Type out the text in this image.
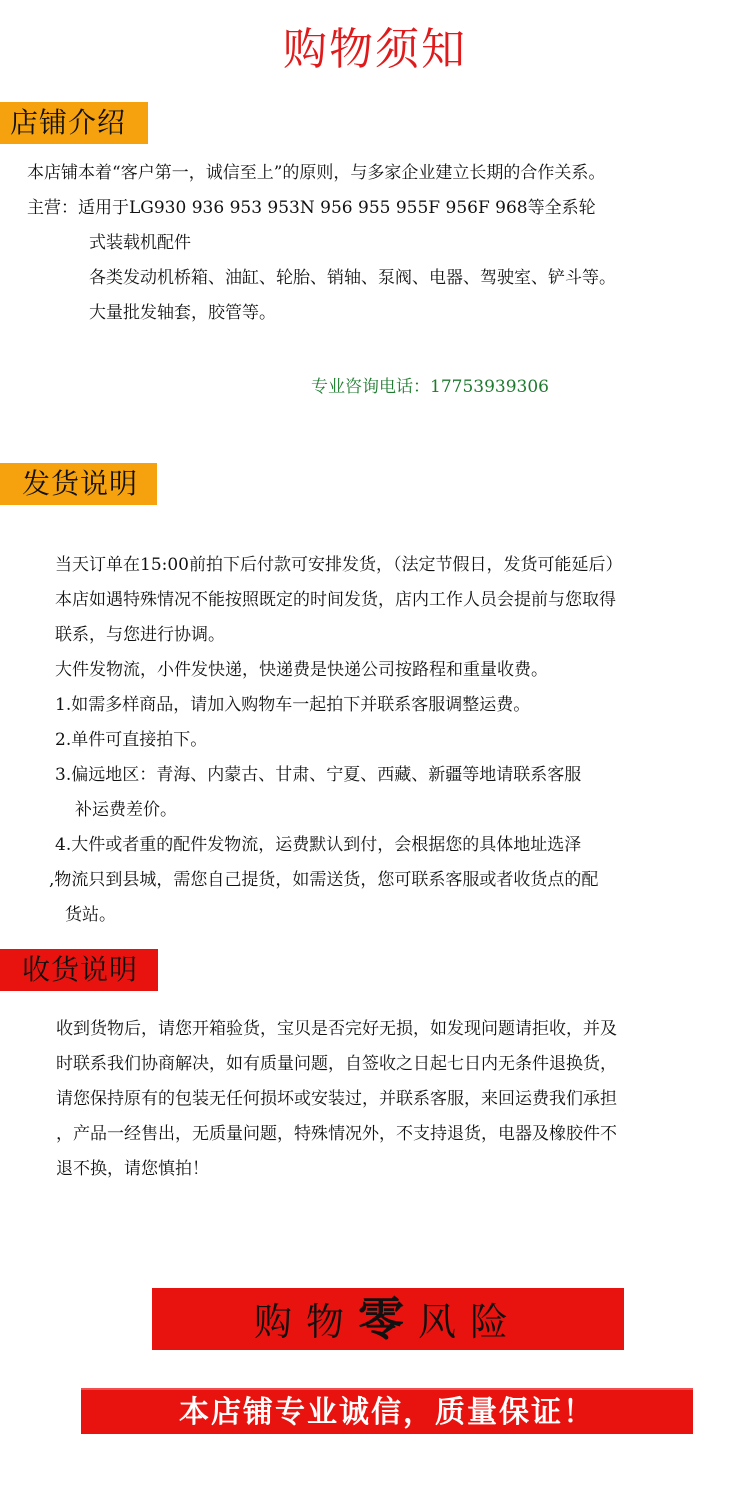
购物须知
店铺介绍
本店铺本着“客户第一，诚信至上”的原则，与多家企业建立长期的合作关系。
主营：适用于LG930 936 953 953N 956 955 955F 956F 968等全系轮
式装载机配件
各类发动机桥箱、油缸、轮胎、销轴、泵阀、电器、驾驶室、铲斗等。
大量批发轴套，胶管等。
专业咨询电话：17753939306
发货说明
当天订单在15:00前拍下后付款可安排发货，（法定节假日，发货可能延后）
本店如遇特殊情况不能按照既定的时间发货，店内工作人员会提前与您取得
联系，与您进行协调。
大件发物流，小件发快递，快递费是快递公司按路程和重量收费。
1.如需多样商品，请加入购物车一起拍下并联系客服调整运费。
2.单件可直接拍下。
3.偏远地区：青海、内蒙古、甘肃、宁夏、西藏、新疆等地请联系客服
补运费差价。
4.大件或者重的配件发物流，运费默认到付，会根据您的具体地址选泽
,物流只到县城，需您自己提货，如需送货，您可联系客服或者收货点的配
货站。
收货说明
收到货物后，请您开箱验货，宝贝是否完好无损，如发现问题请拒收，并及
时联系我们协商解决，如有质量问题，自签收之日起七日内无条件退换货，
请您保持原有的包装无任何损坏或安装过，并联系客服，来回运费我们承担
，产品一经售出，无质量问题，特殊情况外，不支持退货，电器及橡胶件不
退不换，请您慎拍！
购物零风险
本店铺专业诚信，质量保证！
